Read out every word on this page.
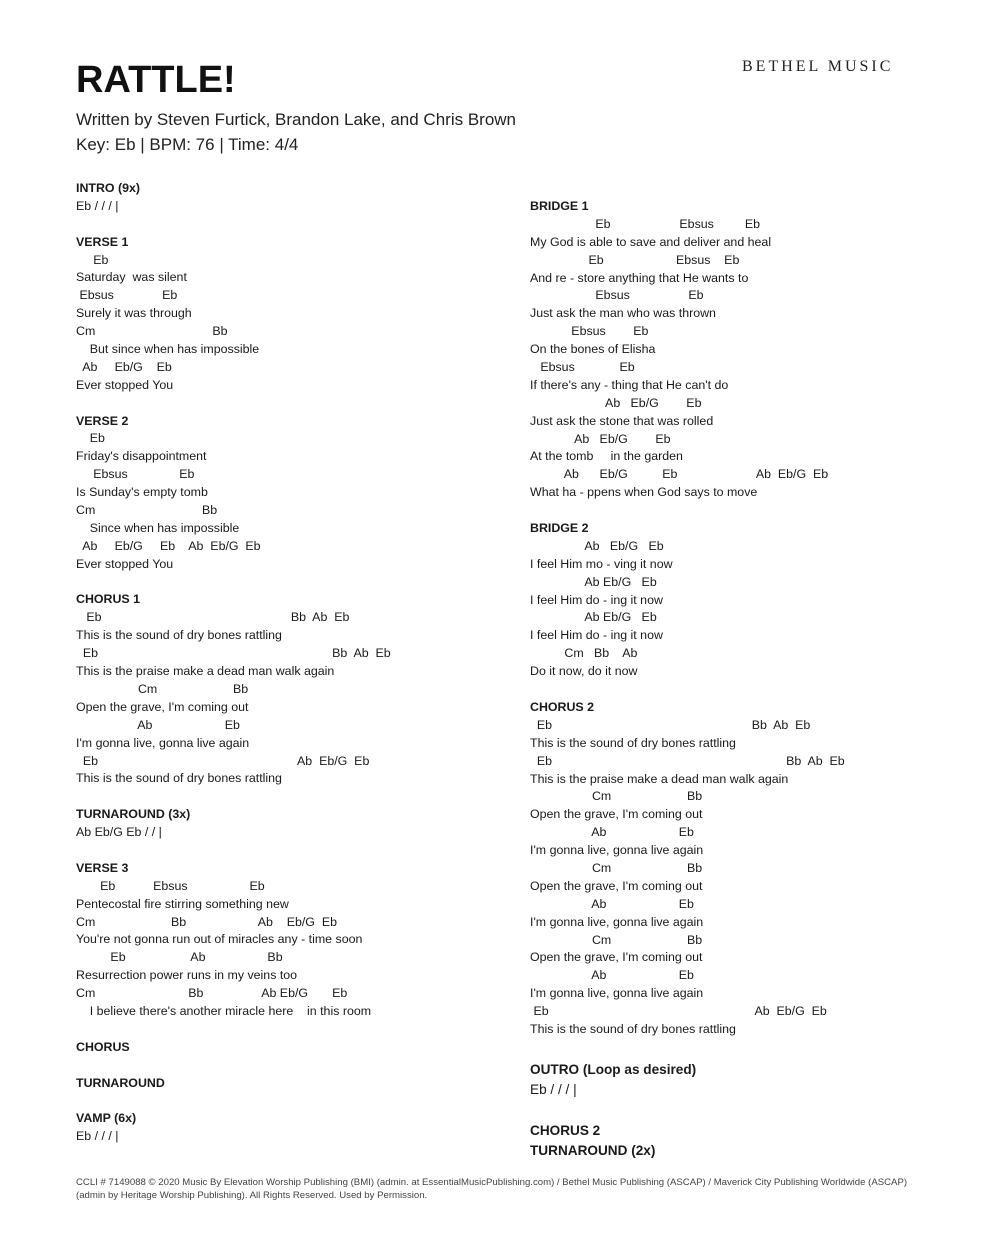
BETHEL MUSIC
RATTLE!
Written by Steven Furtick, Brandon Lake, and Chris Brown
Key: Eb | BPM: 76 | Time: 4/4
INTRO (9x)
Eb / / / |
VERSE 1
Eb
Saturday  was silent
Ebsus              Eb
Surely it was through
Cm                                  Bb
But since when has impossible
Ab     Eb/G    Eb
Ever stopped You
VERSE 2
Eb
Friday's disappointment
Ebsus               Eb
Is Sunday's empty tomb
Cm                               Bb
Since when has impossible
Ab     Eb/G     Eb    Ab  Eb/G  Eb
Ever stopped You
CHORUS 1
Eb                                                       Bb  Ab  Eb
This is the sound of dry bones rattling
Eb                                                                    Bb  Ab  Eb
This is the praise make a dead man walk again
Cm                      Bb
Open the grave, I'm coming out
Ab                     Eb
I'm gonna live, gonna live again
Eb                                                          Ab  Eb/G  Eb
This is the sound of dry bones rattling
TURNAROUND (3x)
Ab Eb/G Eb / / |
VERSE 3
Eb           Ebsus                  Eb
Pentecostal fire stirring something new
Cm                      Bb                     Ab    Eb/G  Eb
You're not gonna run out of miracles any - time soon
Eb                   Ab                  Bb
Resurrection power runs in my veins too
Cm                           Bb                 Ab Eb/G       Eb
I believe there's another miracle here    in this room
CHORUS
TURNAROUND
VAMP (6x)
Eb / / / |
BRIDGE 1
Eb                    Ebsus         Eb
My God is able to save and deliver and heal
Eb                     Ebsus    Eb
And re - store anything that He wants to
Ebsus                 Eb
Just ask the man who was thrown
Ebsus        Eb
On the bones of Elisha
Ebsus             Eb
If there's any - thing that He can't do
Ab   Eb/G        Eb
Just ask the stone that was rolled
Ab   Eb/G        Eb
At the tomb     in the garden
Ab      Eb/G          Eb                       Ab  Eb/G  Eb
What ha - ppens when God says to move
BRIDGE 2
Ab   Eb/G   Eb
I feel Him mo - ving it now
Ab Eb/G   Eb
I feel Him do - ing it now
Ab Eb/G   Eb
I feel Him do - ing it now
Cm   Bb    Ab
Do it now, do it now
CHORUS 2
Eb                                                          Bb  Ab  Eb
This is the sound of dry bones rattling
Eb                                                                    Bb  Ab  Eb
This is the praise make a dead man walk again
Cm                      Bb
Open the grave, I'm coming out
Ab                     Eb
I'm gonna live, gonna live again
Cm                      Bb
Open the grave, I'm coming out
Ab                     Eb
I'm gonna live, gonna live again
Cm                      Bb
Open the grave, I'm coming out
Ab                     Eb
I'm gonna live, gonna live again
Eb                                                            Ab  Eb/G  Eb
This is the sound of dry bones rattling
OUTRO (Loop as desired)
Eb / / / |
CHORUS 2
TURNAROUND (2x)
CCLI # 7149088 © 2020 Music By Elevation Worship Publishing (BMI) (admin. at EssentialMusicPublishing.com) / Bethel Music Publishing (ASCAP) / Maverick City Publishing Worldwide (ASCAP) (admin by Heritage Worship Publishing). All Rights Reserved. Used by Permission.
